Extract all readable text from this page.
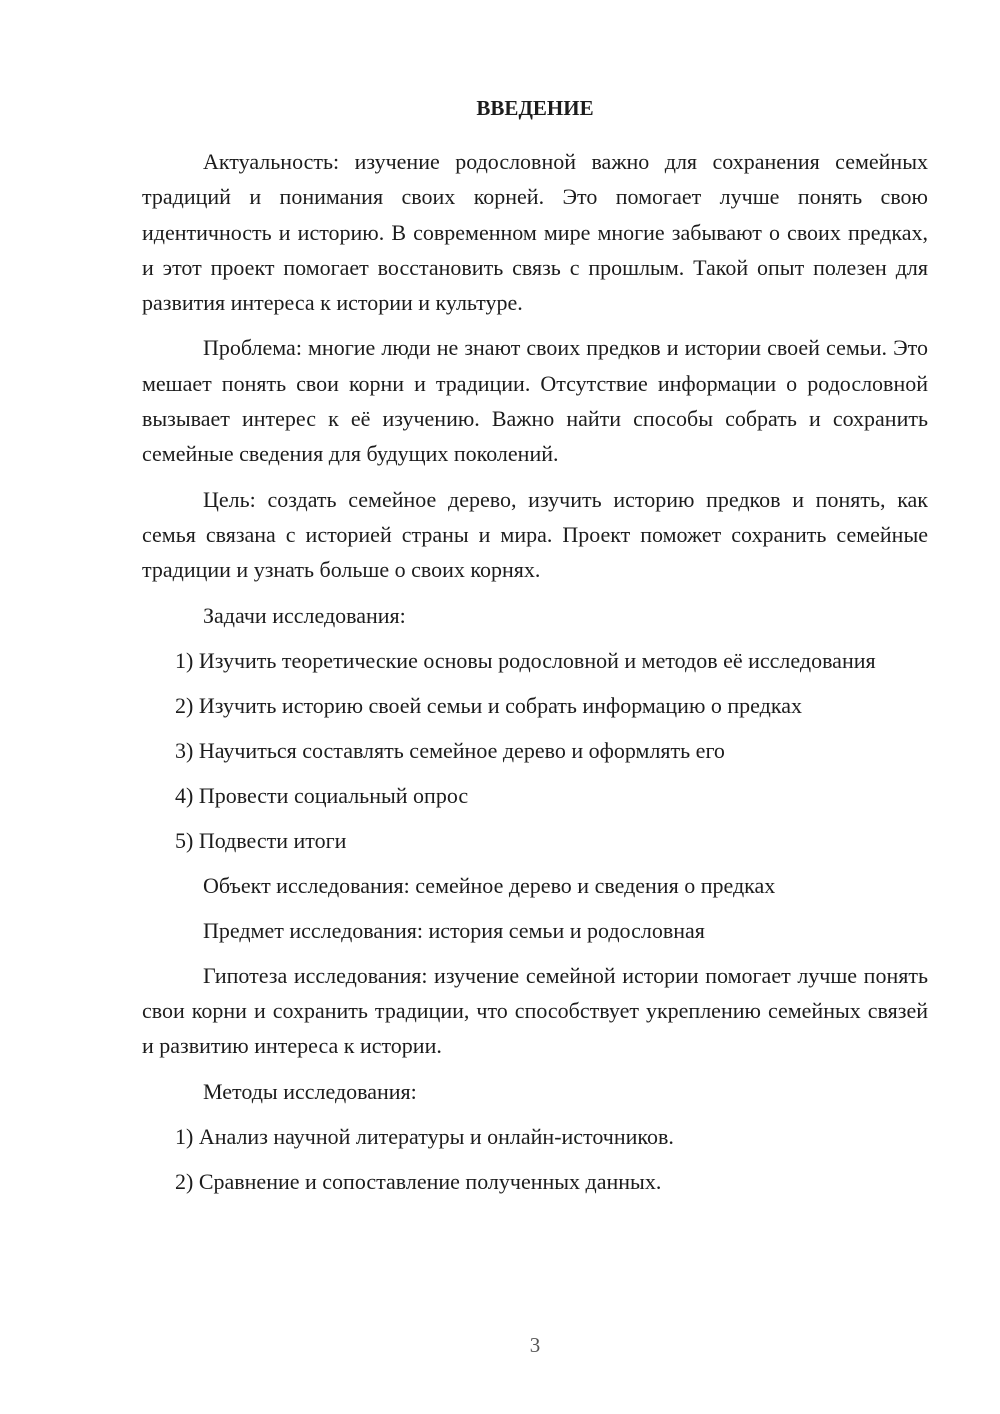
ВВЕДЕНИЕ

Актуальность: изучение родословной важно для сохранения семейных традиций и понимания своих корней. Это помогает лучше понять свою идентичность и историю. В современном мире многие забывают о своих предках, и этот проект помогает восстановить связь с прошлым. Такой опыт полезен для развития интереса к истории и культуре.

Проблема: многие люди не знают своих предков и истории своей семьи. Это мешает понять свои корни и традиции. Отсутствие информации о родословной вызывает интерес к её изучению. Важно найти способы собрать и сохранить семейные сведения для будущих поколений.

Цель: создать семейное дерево, изучить историю предков и понять, как семья связана с историей страны и мира. Проект поможет сохранить семейные традиции и узнать больше о своих корнях.

Задачи исследования:
1) Изучить теоретические основы родословной и методов её исследования
2) Изучить историю своей семьи и собрать информацию о предках
3) Научиться составлять семейное дерево и оформлять его
4) Провести социальный опрос
5) Подвести итоги
Объект исследования: семейное дерево и сведения о предках
Предмет исследования: история семьи и родословная

Гипотеза исследования: изучение семейной истории помогает лучше понять свои корни и сохранить традиции, что способствует укреплению семейных связей и развитию интереса к истории.

Методы исследования:
1) Анализ научной литературы и онлайн-источников.
2) Сравнение и сопоставление полученных данных.
3
